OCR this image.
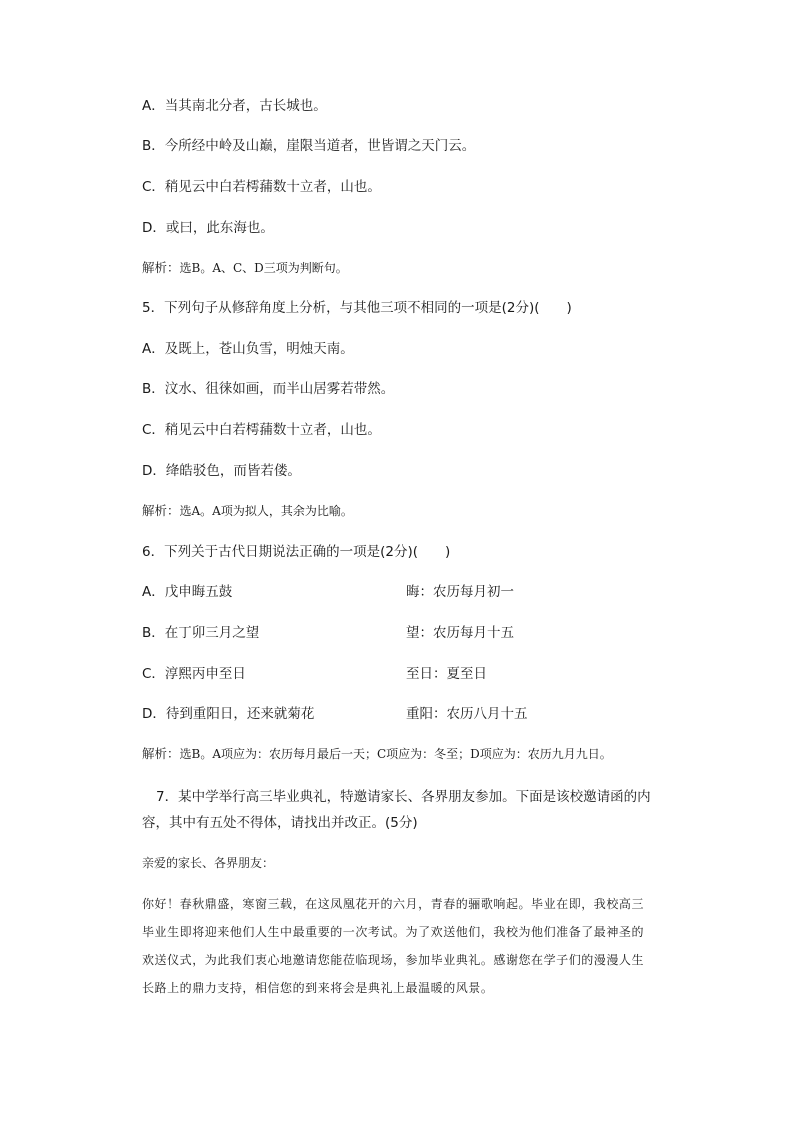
A．当其南北分者，古长城也。
B．今所经中岭及山巅，崖限当道者，世皆谓之天门云。
C．稍见云中白若樗蒱数十立者，山也。
D．或曰，此东海也。
解析：选B。A、C、D三项为判断句。
5．下列句子从修辞角度上分析，与其他三项不相同的一项是(2分)(　　)
A．及既上，苍山负雪，明烛天南。
B．汶水、徂徕如画，而半山居雾若带然。
C．稍见云中白若樗蒱数十立者，山也。
D．绛皓驳色，而皆若偻。
解析：选A。A项为拟人，其余为比喻。
6．下列关于古代日期说法正确的一项是(2分)(　　)
A．戊申晦五鼓	晦：农历每月初一
B．在丁卯三月之望	望：农历每月十五
C．淳熙丙申至日	至日：夏至日
D．待到重阳日，还来就菊花	重阳：农历八月十五
解析：选B。A项应为：农历每月最后一天；C项应为：冬至；D项应为：农历九月九日。
7．某中学举行高三毕业典礼，特邀请家长、各界朋友参加。下面是该校邀请函的内容，其中有五处不得体，请找出并改正。(5分)
亲爱的家长、各界朋友：
你好！春秋鼎盛，寒窗三载，在这凤凰花开的六月，青春的骊歌响起。毕业在即，我校高三毕业生即将迎来他们人生中最重要的一次考试。为了欢送他们，我校为他们准备了最神圣的欢送仪式，为此我们衷心地邀请您能莅临现场，参加毕业典礼。感谢您在学子们的漫漫人生长路上的鼎力支持，相信您的到来将会是典礼上最温暖的风景。
